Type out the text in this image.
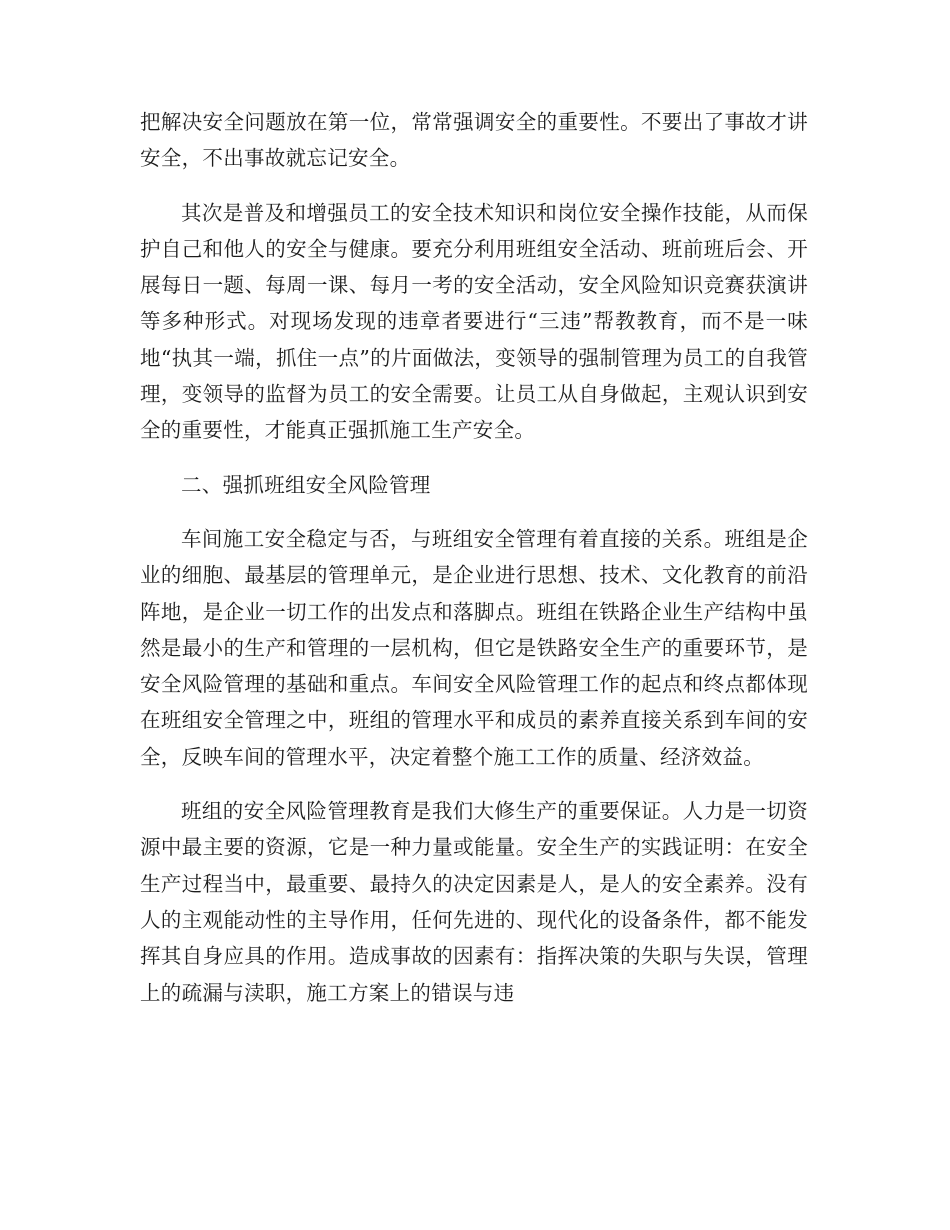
把解决安全问题放在第一位，常常强调安全的重要性。不要出了事故才讲安全，不出事故就忘记安全。

其次是普及和增强员工的安全技术知识和岗位安全操作技能，从而保护自己和他人的安全与健康。要充分利用班组安全活动、班前班后会、开展每日一题、每周一课、每月一考的安全活动，安全风险知识竞赛获演讲等多种形式。对现场发现的违章者要进行“三违”帮教教育，而不是一味地“执其一端，抓住一点”的片面做法，变领导的强制管理为员工的自我管理，变领导的监督为员工的安全需要。让员工从自身做起，主观认识到安全的重要性，才能真正强抓施工生产安全。

二、强抓班组安全风险管理

车间施工安全稳定与否，与班组安全管理有着直接的关系。班组是企业的细胞、最基层的管理单元，是企业进行思想、技术、文化教育的前沿阵地，是企业一切工作的出发点和落脚点。班组在铁路企业生产结构中虽然是最小的生产和管理的一层机构，但它是铁路安全生产的重要环节，是安全风险管理的基础和重点。车间安全风险管理工作的起点和终点都体现在班组安全管理之中，班组的管理水平和成员的素养直接关系到车间的安全，反映车间的管理水平，决定着整个施工工作的质量、经济效益。

班组的安全风险管理教育是我们大修生产的重要保证。人力是一切资源中最主要的资源，它是一种力量或能量。安全生产的实践证明：在安全生产过程当中，最重要、最持久的决定因素是人，是人的安全素养。没有人的主观能动性的主导作用，任何先进的、现代化的设备条件，都不能发挥其自身应具的作用。造成事故的因素有：指挥决策的失职与失误，管理上的疏漏与渎职，施工方案上的错误与违
